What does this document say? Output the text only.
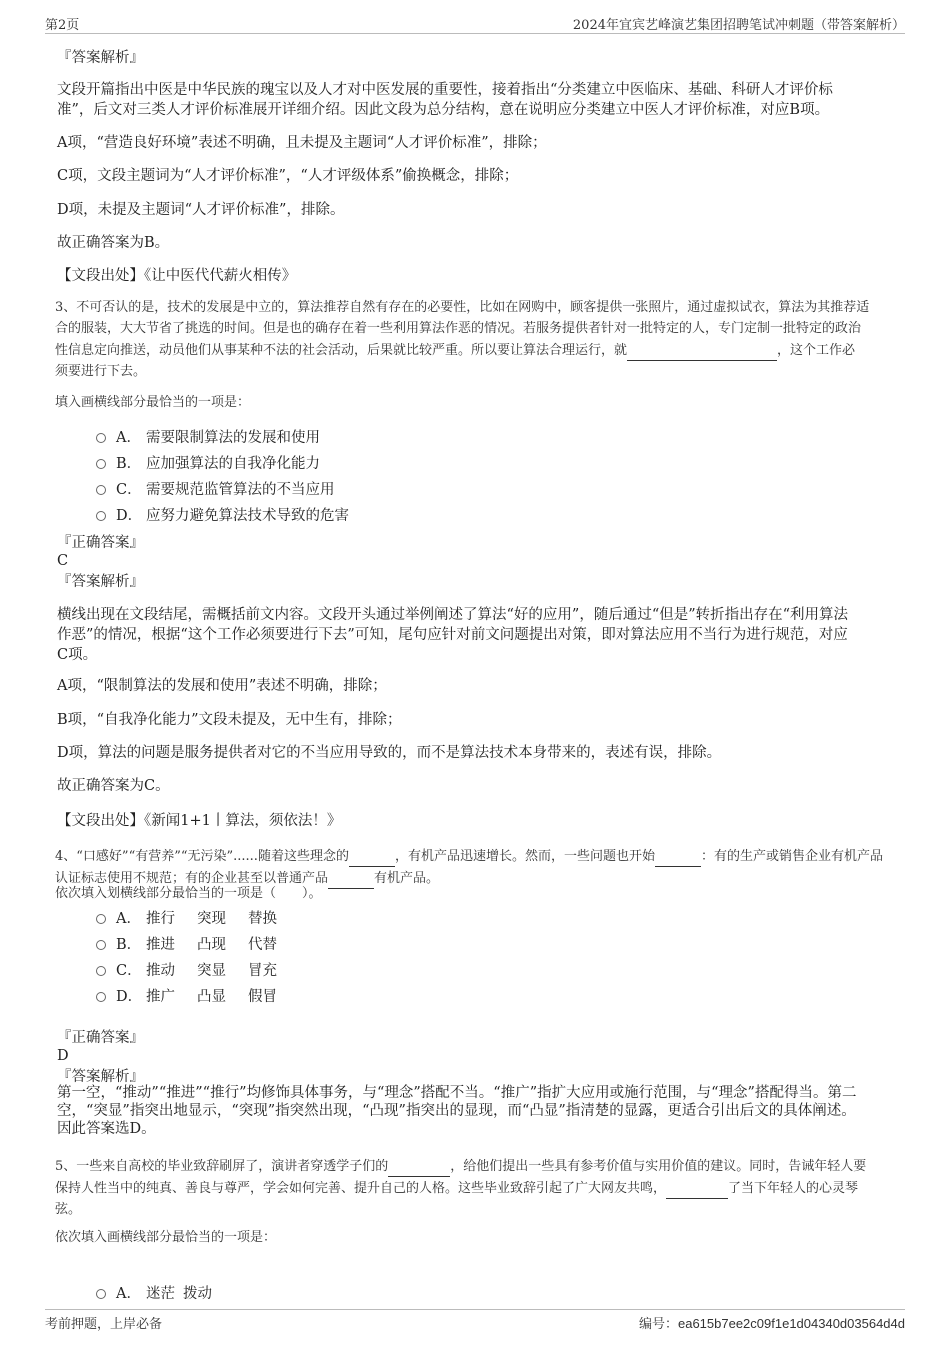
第2页	2024年宜宾艺峰演艺集团招聘笔试冲刺题（带答案解析）
『答案解析』
文段开篇指出中医是中华民族的瑰宝以及人才对中医发展的重要性，接着指出“分类建立中医临床、基础、科研人才评价标
准”，后文对三类人才评价标准展开详细介绍。因此文段为总分结构，意在说明应分类建立中医人才评价标准，对应B项。
A项，“营造良好环境”表述不明确，且未提及主题词“人才评价标准”，排除；
C项，文段主题词为“人才评价标准”，“人才评级体系”偷换概念，排除；
D项，未提及主题词“人才评价标准”，排除。
故正确答案为B。
【文段出处】《让中医代代薪火相传》
3、不可否认的是，技术的发展是中立的，算法推荐自然有存在的必要性，比如在网购中，顾客提供一张照片，通过虚拟试衣，算法为其推荐适
合的服装，大大节省了挑选的时间。但是也的确存在着一些利用算法作恶的情况。若服务提供者针对一批特定的人，专门定制一批特定的政治
性信息定向推送，动员他们从事某种不法的社会活动，后果就比较严重。所以要让算法合理运行，就	，这个工作必
须要进行下去。
填入画横线部分最恰当的一项是：
A． 需要限制算法的发展和使用
B． 应加强算法的自我净化能力
C． 需要规范监管算法的不当应用
D． 应努力避免算法技术导致的危害
『正确答案』
C
『答案解析』
横线出现在文段结尾，需概括前文内容。文段开头通过举例阐述了算法“好的应用”，随后通过“但是”转折指出存在“利用算法
作恶”的情况，根据“这个工作必须要进行下去”可知，尾句应针对前文问题提出对策，即对算法应用不当行为进行规范，对应
C项。
A项，“限制算法的发展和使用”表述不明确，排除；
B项，“自我净化能力”文段未提及，无中生有，排除；
D项，算法的问题是服务提供者对它的不当应用导致的，而不是算法技术本身带来的，表述有误，排除。
故正确答案为C。
【文段出处】《新闻1+1丨算法，须依法！》
4、“口感好”“有营养”“无污染”......随着这些理念的	，有机产品迅速增长。然而，一些问题也开始	：有的生产或销售企业有机产品
认证标志使用不规范；有的企业甚至以普通产品	有机产品。
依次填入划横线部分最恰当的一项是（　　）。
A． 推行 突现 替换
B． 推进 凸现 代替
C． 推动 突显 冒充
D． 推广 凸显 假冒
『正确答案』
D
『答案解析』
第一空，“推动”“推进”“推行”均修饰具体事务，与“理念”搭配不当。“推广”指扩大应用或施行范围，与“理念”搭配得当。第二
空，“突显”指突出地显示，“突现”指突然出现，“凸现”指突出的显现，而“凸显”指清楚的显露，更适合引出后文的具体阐述。
因此答案选D。
5、一些来自高校的毕业致辞刷屏了，演讲者穿透学子们的	，给他们提出一些具有参考价值与实用价值的建议。同时，告诫年轻人要
保持人性当中的纯真、善良与尊严，学会如何完善、提升自己的人格。这些毕业致辞引起了广大网友共鸣，	了当下年轻人的心灵琴
弦。
依次填入画横线部分最恰当的一项是：
A． 迷茫 拨动
考前押题，上岸必备	编号：ea615b7ee2c09f1e1d04340d03564d4d
